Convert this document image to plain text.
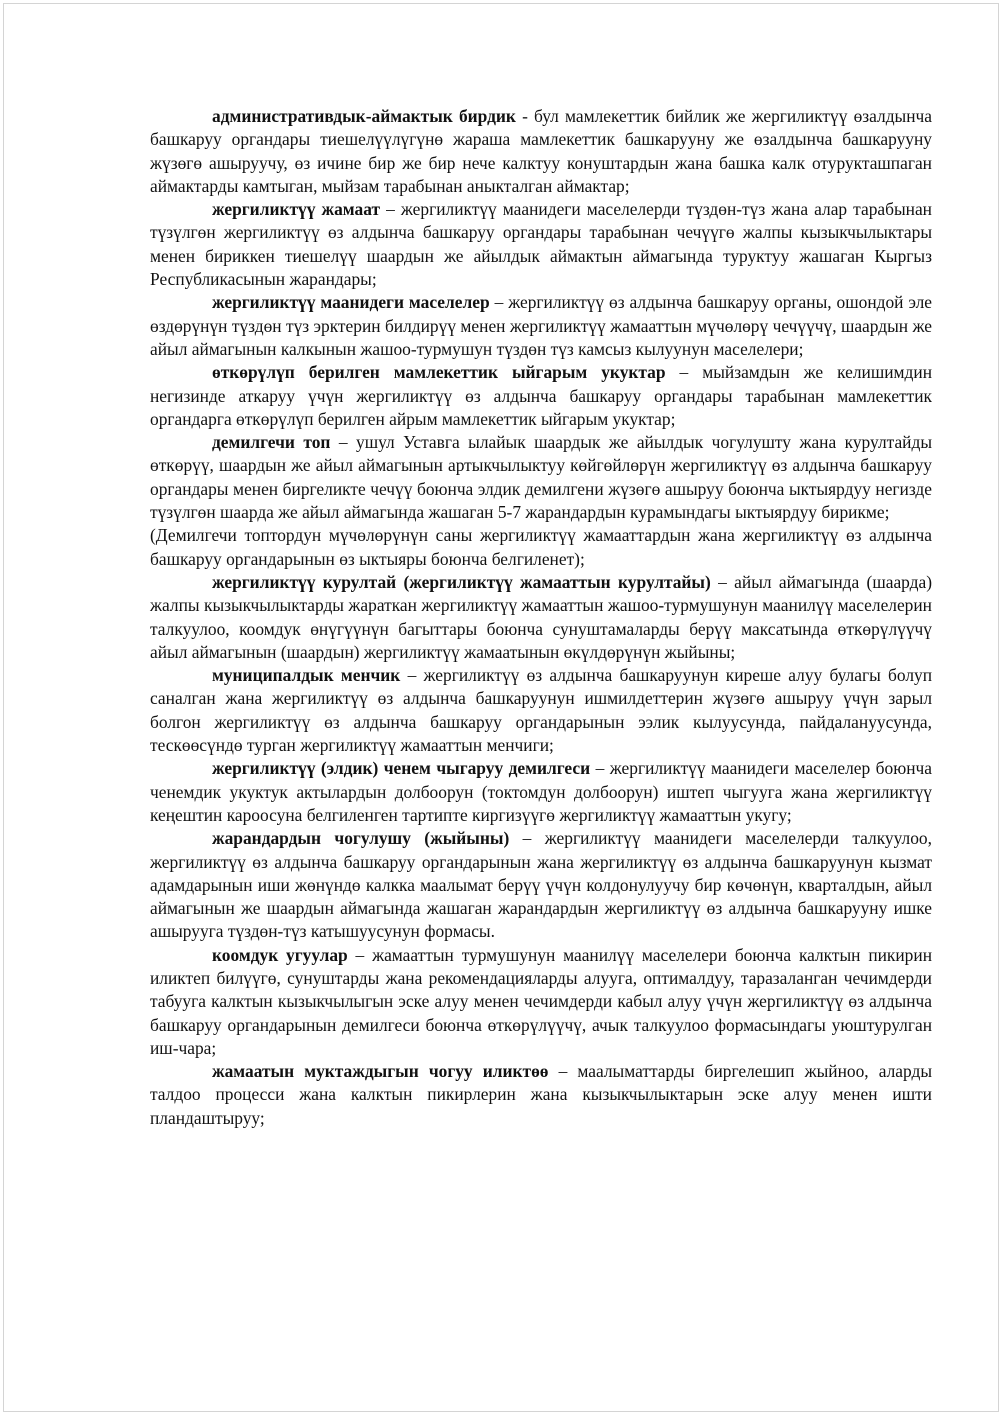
административдык-аймактык бирдик - бул мамлекеттик бийлик же жергиликтүү өзалдынча башкаруу органдары тиешелүүлүгүнө жараша мамлекеттик башкарууну же өзалдынча башкарууну жүзөгө ашыруучу, өз ичине бир же бир нече калктуу конуштардын жана башка калк отурукташпаган аймактарды камтыган, мыйзам тарабынан аныкталган аймактар;

жергиликтүү жамаат – жергиликтүү маанидеги маселелерди түздөн-түз жана алар тарабынан түзүлгөн жергиликтүү өз алдынча башкаруу органдары тарабынан чечүүгө жалпы кызыкчылыктары менен бириккен тиешелүү шаардын же айылдык аймактын аймагында туруктуу жашаган Кыргыз Республикасынын жарандары;

жергиликтүү маанидеги маселелер – жергиликтүү өз алдынча башкаруу органы, ошондой эле өздөрүнүн түздөн түз эрктерин билдирүү менен жергиликтүү жамааттын мүчөлөрү чечүүчү, шаардын же айыл аймагынын калкынын жашоо-турмушун түздөн түз камсыз кылуунун маселелери;

өткөрүлүп берилген мамлекеттик ыйгарым укуктар – мыйзамдын же келишимдин негизинде аткаруу үчүн жергиликтүү өз алдынча башкаруу органдары тарабынан мамлекеттик органдарга өткөрүлүп берилген айрым мамлекеттик ыйгарым укуктар;

демилгечи топ – ушул Уставга ылайык шаардык же айылдык чогулушту жана курултайды өткөрүү, шаардын же айыл аймагынын артыкчылыктуу көйгөйлөрүн жергиликтүү өз алдынча башкаруу органдары менен биргеликте чечүү боюнча элдик демилгени жүзөгө ашыруу боюнча ыктыярдуу негизде түзүлгөн шаарда же айыл аймагында жашаган 5-7 жарандардын курамындагы ыктыярдуу бирикме;

(Демилгечи топтордун мүчөлөрүнүн саны жергиликтүү жамааттардын жана жергиликтүү өз алдынча башкаруу органдарынын өз ыктыяры боюнча белгиленет);

жергиликтүү курултай (жергиликтүү жамааттын курултайы) – айыл аймагында (шаарда) жалпы кызыкчылыктарды жараткан жергиликтүү жамааттын жашоо-турмушунун маанилүү маселелерин талкуулоо, коомдук өнүгүүнүн багыттары боюнча сунуштамаларды берүү максатында өткөрүлүүчү айыл аймагынын (шаардын) жергиликтүү жамаатынын өкүлдөрүнүн жыйыны;

муниципалдык менчик – жергиликтүү өз алдынча башкаруунун киреше алуу булагы болуп саналган жана жергиликтүү өз алдынча башкаруунун ишмилдеттерин жүзөгө ашыруу үчүн зарыл болгон жергиликтүү өз алдынча башкаруу органдарынын ээлик кылуусунда, пайдалануусунда, тескөөсүндө турган жергиликтүү жамааттын менчиги;

жергиликтүү (элдик) ченем чыгаруу демилгеси – жергиликтүү маанидеги маселелер боюнча ченемдик укуктук актылардын долбоорун (токтомдун долбоорун) иштеп чыгууга жана жергиликтүү кеңештин кароосуна белгиленген тартипте киргизүүгө жергиликтүү жамааттын укугу;

жарандардын чогулушу (жыйыны) – жергиликтүү маанидеги маселелерди талкуулоо, жергиликтүү өз алдынча башкаруу органдарынын жана жергиликтүү өз алдынча башкаруунун кызмат адамдарынын иши жөнүндө калкка маалымат берүү үчүн колдонулуучу бир көчөнүн, кварталдын, айыл аймагынын же шаардын аймагында жашаган жарандардын жергиликтүү өз алдынча башкарууну ишке ашырууга түздөн-түз катышуусунун формасы.

коомдук угуулар – жамааттын турмушунун маанилүү маселелери боюнча калктын пикирин иликтеп билүүгө, сунуштарды жана рекомендацияларды алууга, оптималдуу, таразаланган чечимдерди табууга калктын кызыкчылыгын эске алуу менен чечимдерди кабыл алуу үчүн жергиликтүү өз алдынча башкаруу органдарынын демилгеси боюнча өткөрүлүүчү, ачык талкуулоо формасындагы уюштурулган иш-чара;

жамаатын муктаждыгын чогуу иликтөө – маалыматтарды биргелешип жыйноо, аларды талдоо процесси жана калктын пикирлерин жана кызыкчылыктарын эске алуу менен ишти пландаштыруу;
